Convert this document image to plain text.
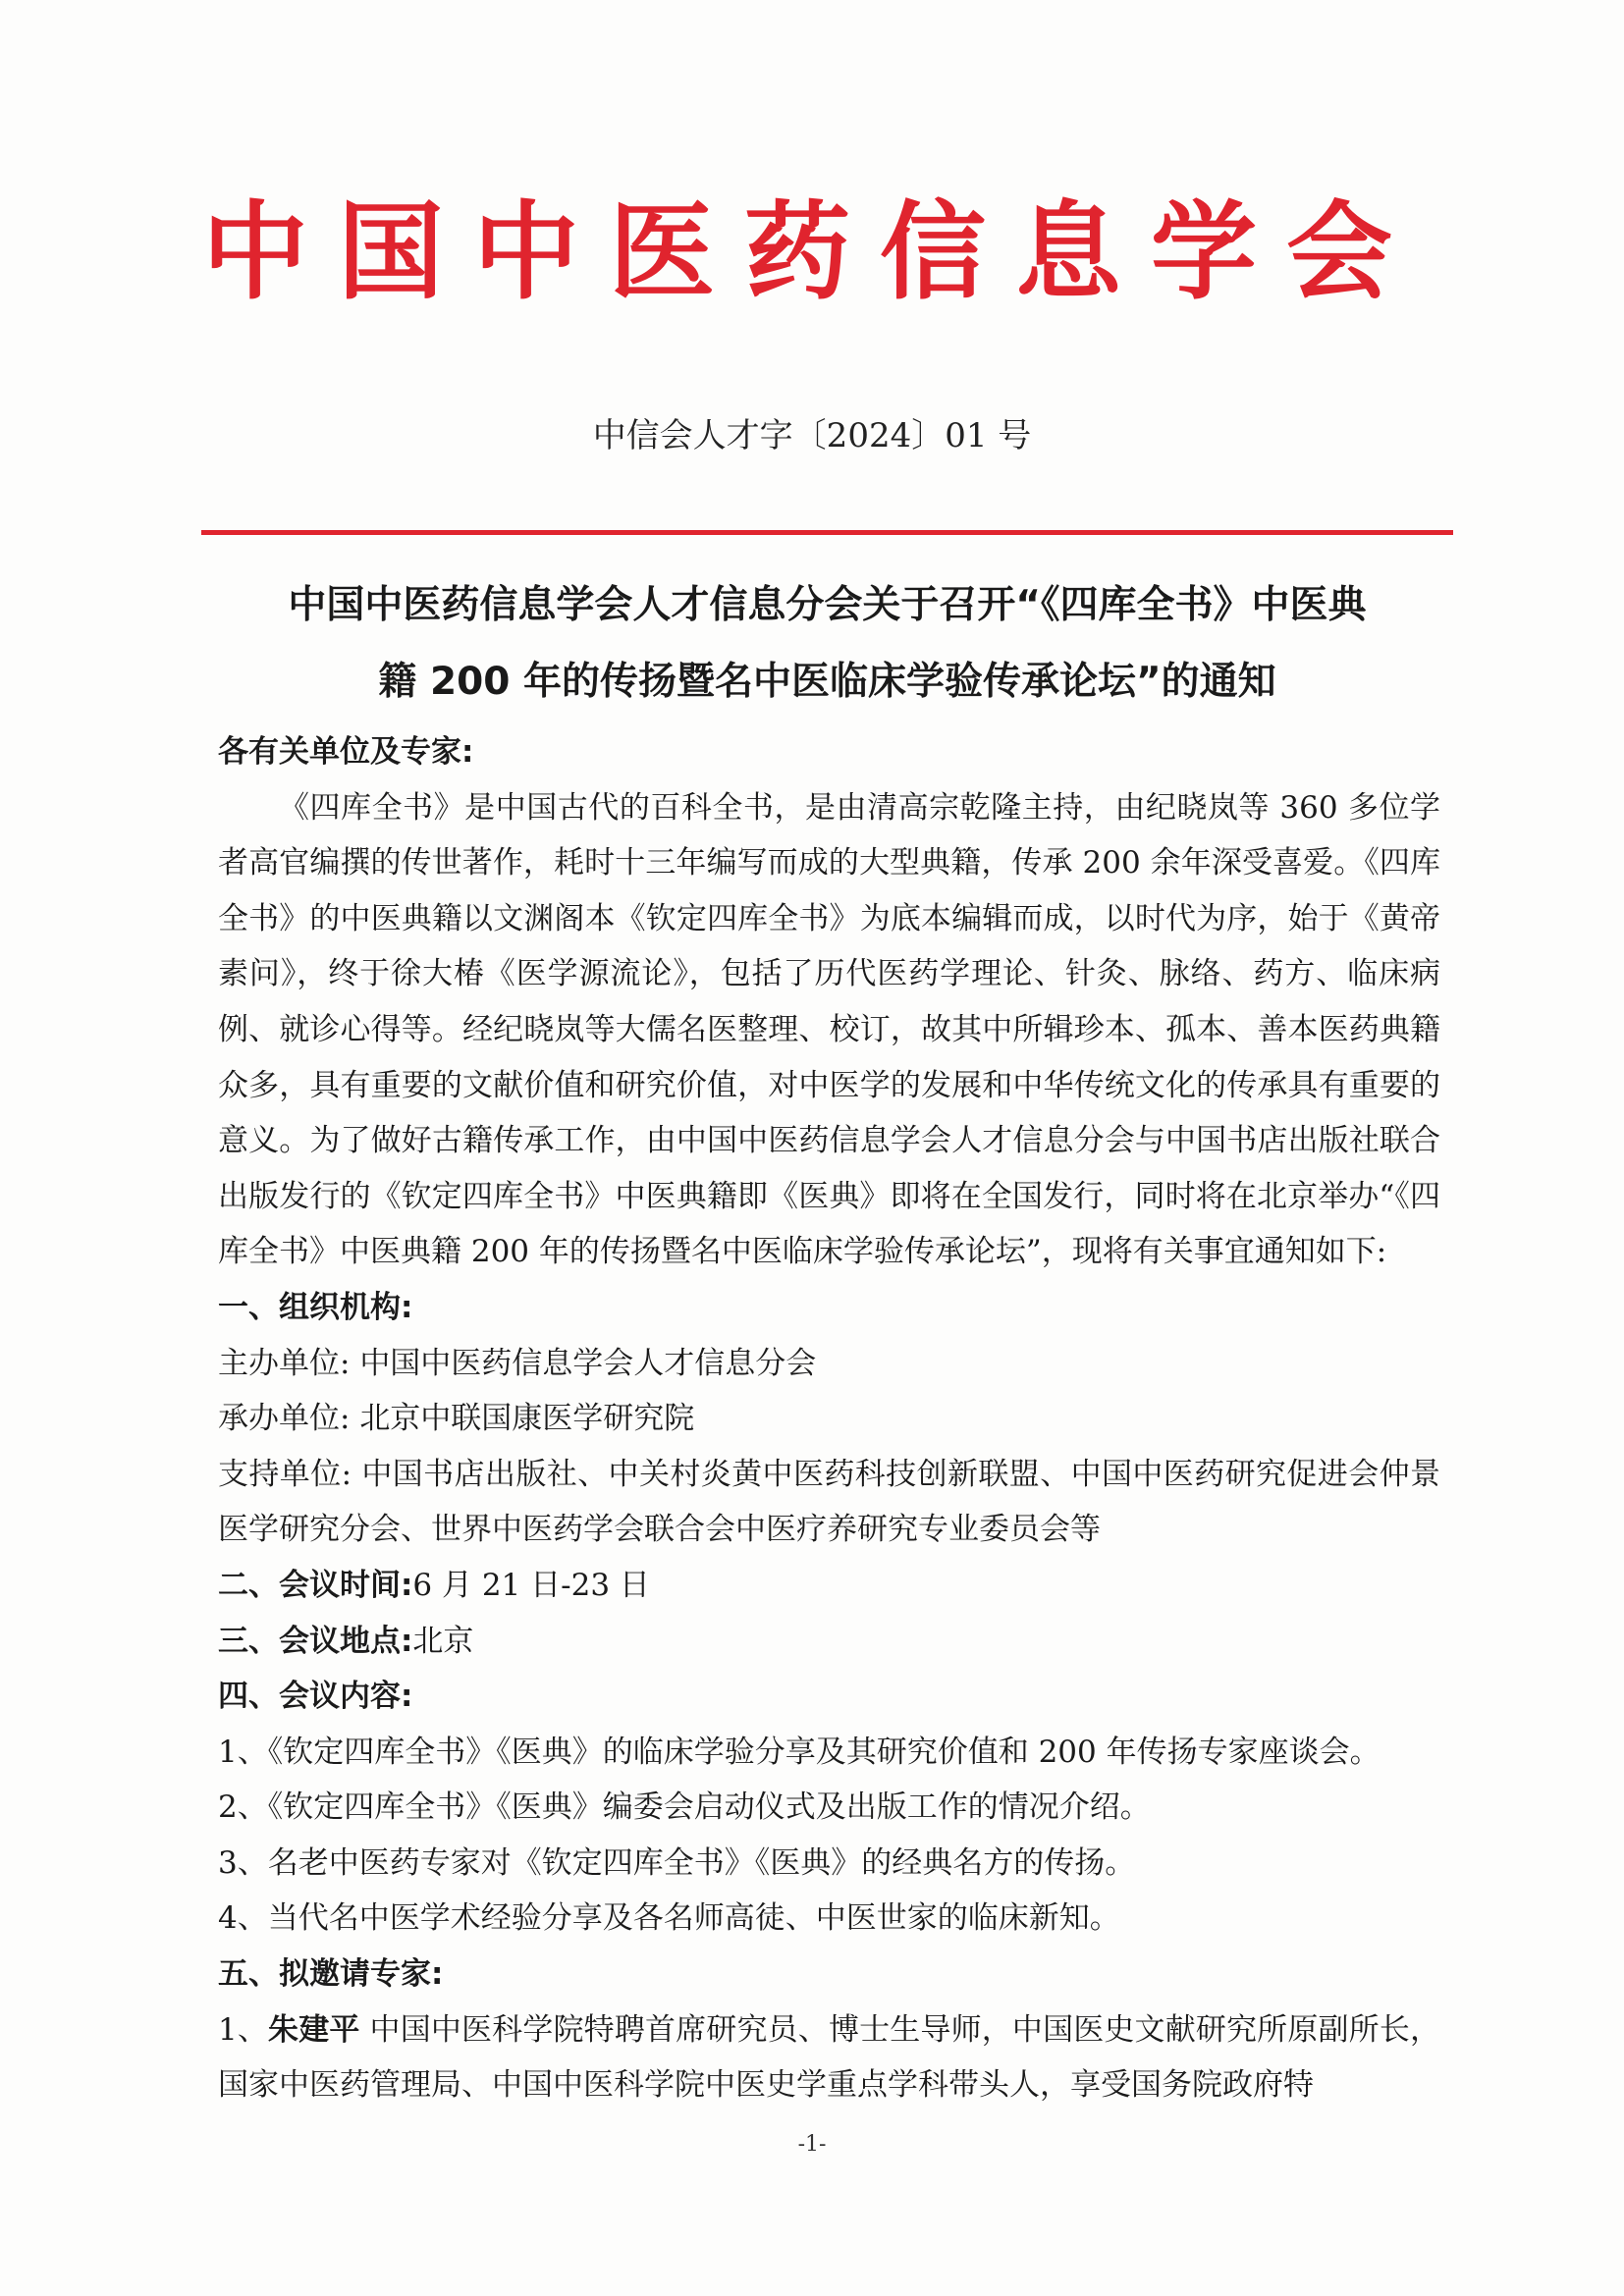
中国中医药信息学会
中信会人才字〔2024〕01 号
中国中医药信息学会人才信息分会关于召开“《四库全书》中医典
籍 200 年的传扬暨名中医临床学验传承论坛”的通知

各有关单位及专家:

《四库全书》是中国古代的百科全书，是由清高宗乾隆主持，由纪晓岚等 360 多位学者高官编撰的传世著作，耗时十三年编写而成的大型典籍，传承 200 余年深受喜爱。《四库全书》的中医典籍以文渊阁本《钦定四库全书》为底本编辑而成，以时代为序，始于《黄帝素问》，终于徐大椿《医学源流论》，包括了历代医药学理论、针灸、脉络、药方、临床病例、就诊心得等。经纪晓岚等大儒名医整理、校订，故其中所辑珍本、孤本、善本医药典籍众多，具有重要的文献价值和研究价值，对中医学的发展和中华传统文化的传承具有重要的意义。为了做好古籍传承工作，由中国中医药信息学会人才信息分会与中国书店出版社联合出版发行的《钦定四库全书》中医典籍即《医典》即将在全国发行，同时将在北京举办“《四库全书》中医典籍 200 年的传扬暨名中医临床学验传承论坛”，现将有关事宜通知如下:

一、组织机构:

主办单位: 中国中医药信息学会人才信息分会

承办单位: 北京中联国康医学研究院

支持单位: 中国书店出版社、中关村炎黄中医药科技创新联盟、中国中医药研究促进会仲景医学研究分会、世界中医药学会联合会中医疗养研究专业委员会等

二、会议时间:6 月 21 日-23 日

三、会议地点:北京

四、会议内容:

1、《钦定四库全书》《医典》的临床学验分享及其研究价值和 200 年传扬专家座谈会。

2、《钦定四库全书》《医典》编委会启动仪式及出版工作的情况介绍。

3、名老中医药专家对《钦定四库全书》《医典》的经典名方的传扬。

4、当代名中医学术经验分享及各名师高徒、中医世家的临床新知。

五、拟邀请专家:

1、朱建平 中国中医科学院特聘首席研究员、博士生导师，中国医史文献研究所原副所长，国家中医药管理局、中国中医科学院中医史学重点学科带头人，享受国务院政府特

-1-
